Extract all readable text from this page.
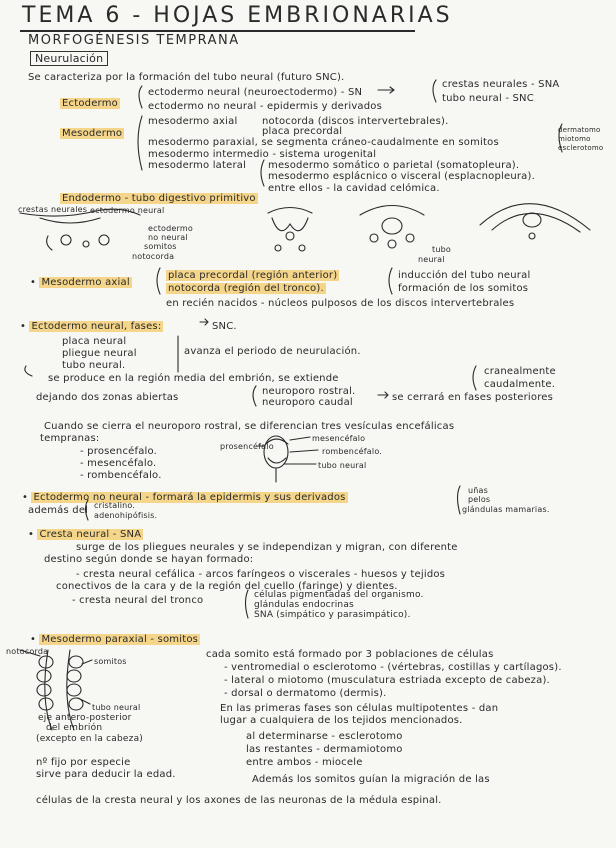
TEMA 6 - HOJAS EMBRIONARIAS
MORFOGÉNESIS TEMPRANA
Neurulación
Se caracteriza por la formación del tubo neural (futuro SNC).
Ectodermo
ectodermo neural (neuroectodermo) - SN
ectodermo no neural - epidermis y derivados
crestas neurales - SNA
tubo neural - SNC
Mesodermo
mesodermo axial notocorda (discos intervertebrales).
placa precordal
mesodermo paraxial, se segmenta cráneo-caudalmente en somitos
dermatomo
miotomo
esclerotomo
mesodermo intermedio - sistema urogenital
mesodermo lateral mesodermo somático o parietal (somatopleura).
mesodermo esplácnico o visceral (esplacnopleura).
entre ellos - la cavidad celómica.
Endodermo - tubo digestivo primitivo
crestas neurales ectodermo neural
ectodermo
no neural
somitos
notocorda
tubo
neural
• Mesodermo axial
placa precordal (región anterior)
notocorda (región del tronco).
inducción del tubo neural
formación de los somitos
en recién nacidos - núcleos pulposos de los discos intervertebrales
• Ectodermo neural, fases:	SNC.
placa neural
pliegue neural
tubo neural.
avanza el periodo de neurulación.
se produce en la región media del embrión, se extiende
cranealmente
caudalmente.
dejando dos zonas abiertas
neuroporo rostral.
neuroporo caudal	se cerrará en fases posteriores
Cuando se cierra el neuroporo rostral, se diferencian tres vesículas encefálicas
tempranas:
- prosencéfalo.
- mesencéfalo.
- rombencéfalo.
prosencéfalo
mesencéfalo
rombencéfalo.
tubo neural
• Ectodermo no neural - formará la epidermis y sus derivados
uñas
pelos
glándulas mamarias.
además del cristalino.
adenohipófisis.
• Cresta neural - SNA
surge de los pliegues neurales y se independizan y migran, con diferente
destino según donde se hayan formado:
- cresta neural cefálica - arcos faríngeos o viscerales - huesos y tejidos
conectivos de la cara y de la región del cuello (faringe) y dientes.
- cresta neural del tronco	células pigmentadas del organismo.
glándulas endocrinas
SNA (simpático y parasimpático).
• Mesodermo paraxial - somitos
notocorda
somitos
cada somito está formado por 3 poblaciones de células
- ventromedial o esclerotomo - (vértebras, costillas y cartílagos).
- lateral o miotomo (musculatura estriada excepto de cabeza).
- dorsal o dermatomo (dermis).
En las primeras fases son células multipotentes - dan
lugar a cualquiera de los tejidos mencionados.
al determinarse - esclerotomo
las restantes - dermamiotomo
entre ambos - miocele
tubo neural
eje antero-posterior
del embrión
(excepto en la cabeza)
nº fijo por especie
sirve para deducir la edad.	Además los somitos guían la migración de las
células de la cresta neural y los axones de las neuronas de la médula espinal.
